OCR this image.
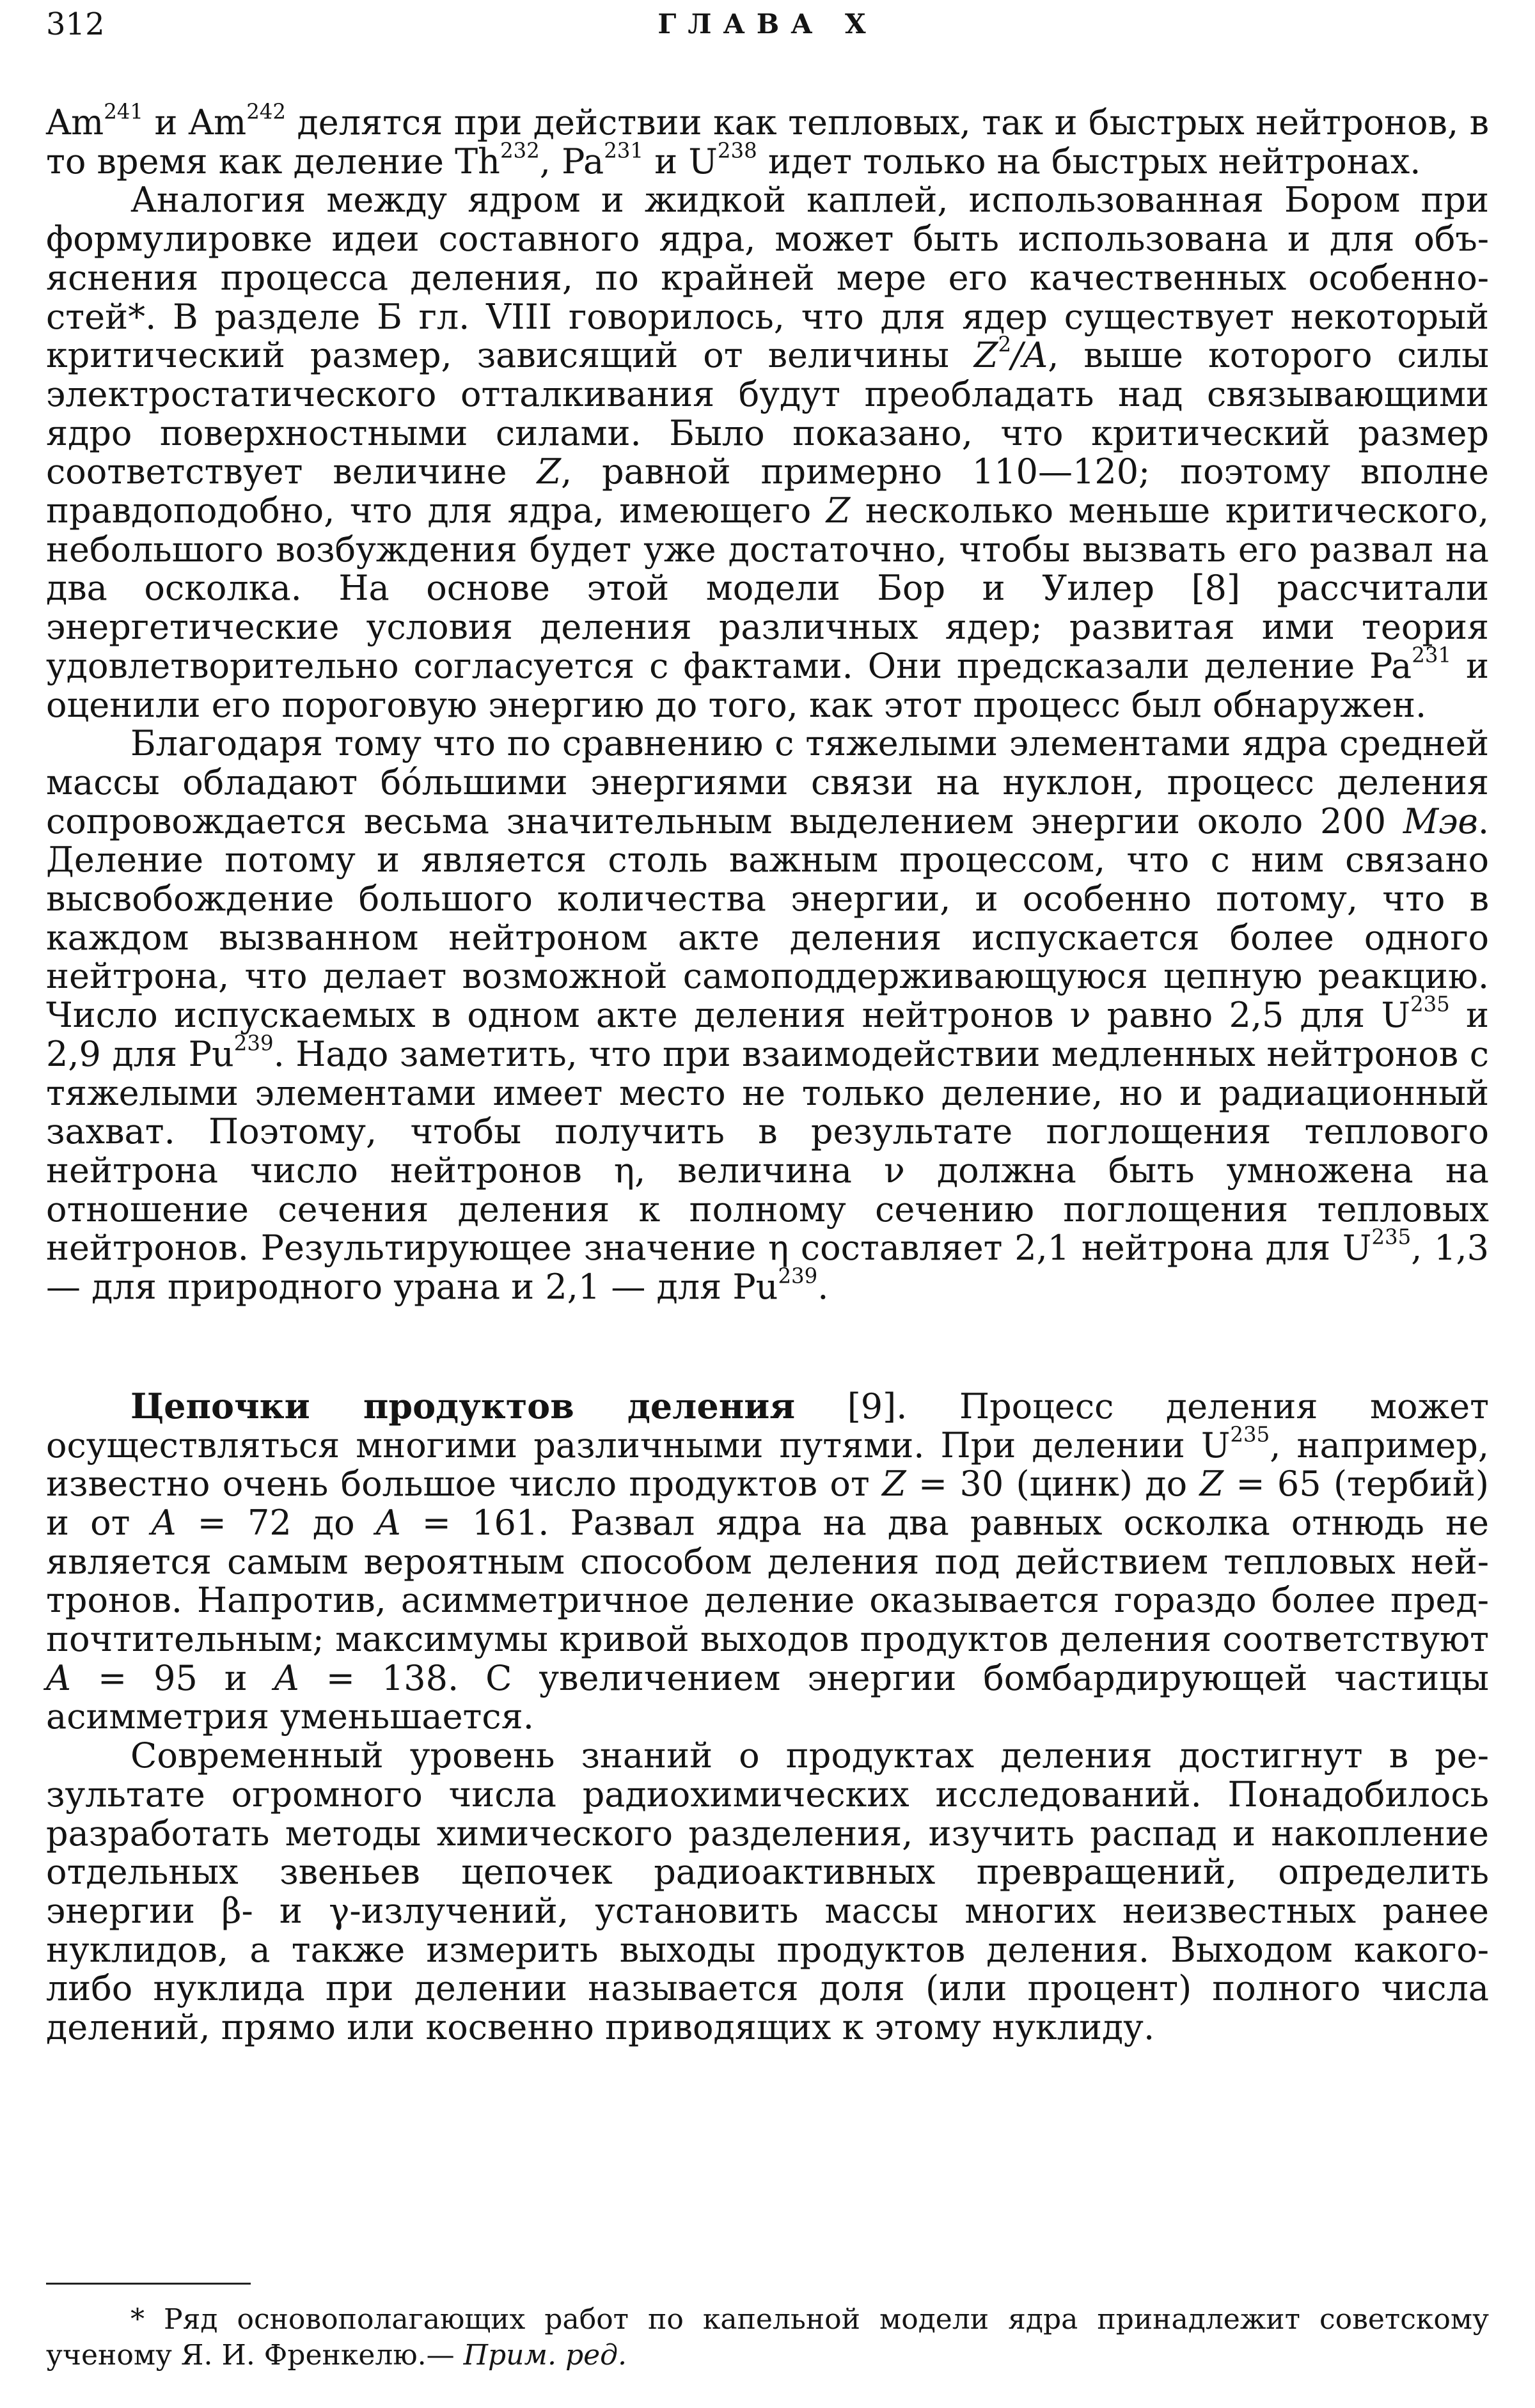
312	ГЛАВА X

Am$^{241}$ и Am$^{242}$ делятся при действии как тепловых, так и быстрых нейтронов, в то время как деление Th$^{232}$, Pa$^{231}$ и $U^{238}$ идет только на быстрых нейтронах.

Аналогия между ядром и жидкой каплей, использованная Бором при формулировке идеи составного ядра, может быть использована и для объяснения процесса деления, по крайней мере его качественных особенностей*. В разделе Б гл. VIII говорилось, что для ядер существует некоторый критический размер, зависящий от величины $Z^2/A$, выше которого силы электростатического отталкивания будут преобладать над связывающими ядро поверхностными силами. Было показано, что критический размер соответствует величине Z, равной примерно 110—120; поэтому вполне правдоподобно, что для ядра, имеющего Z несколько меньше критического, небольшого возбуждения будет уже достаточно, чтобы вызвать его развал на два осколка. На основе этой модели Бор и Уилер [8] рассчитали энергетические условия деления различных ядер; развитая ими теория удовлетворительно согласуется с фактами. Они предсказали деление Pa$^{231}$ и оценили его пороговую энергию до того, как этот процесс был обнаружен.

Благодаря тому что по сравнению с тяжелыми элементами ядра средней массы обладают бо́льшими энергиями связи на нуклон, процесс деления сопровождается весьма значительным выделением энергии около 200 Мэв. Деление потому и является столь важным процессом, что с ним связано высвобождение большого количества энергии, и особенно потому, что в каждом вызванном нейтроном акте деления испускается более одного нейтрона, что делает возможной самоподдерживающуюся цепную реакцию. Число испускаемых в одном акте деления нейтронов ν равно 2,5 для $U^{235}$ и 2,9 для Pu$^{239}$. Надо заметить, что при взаимодействии медленных нейтронов с тяжелыми элементами имеет место не только деление, но и радиационный захват. Поэтому, чтобы получить в результате поглощения теплового нейтрона число нейтронов η, величина ν должна быть умножена на отношение сечения деления к полному сечению поглощения тепловых нейтронов. Результирующее значение η составляет 2,1 нейтрона для $U^{235}$, 1,3 — для природного урана и 2,1 — для Pu$^{239}$.

Цепочки продуктов деления [9]. Процесс деления может осуществляться многими различными путями. При делении $U^{235}$, например, известно очень большое число продуктов от Z = 30 (цинк) до Z = 65 (тербий) и от A = 72 до A = 161. Развал ядра на два равных осколка отнюдь не является самым вероятным способом деления под действием тепловых нейтронов. Напротив, асимметричное деление оказывается гораздо более предпочтительным; максимумы кривой выходов продуктов деления соответствуют A = 95 и A = 138. С увеличением энергии бомбардирующей частицы асимметрия уменьшается.

Современный уровень знаний о продуктах деления достигнут в результате огромного числа радиохимических исследований. Понадобилось разработать методы химического разделения, изучить распад и накопление отдельных звеньев цепочек радиоактивных превращений, определить энергии β- и γ-излучений, установить массы многих неизвестных ранее нуклидов, а также измерить выходы продуктов деления. Выходом какого-либо нуклида при делении называется доля (или процент) полного числа делений, прямо или косвенно приводящих к этому нуклиду.

* Ряд основополагающих работ по капельной модели ядра принадлежит советскому ученому Я. И. Френкелю.— Прим. ред.
